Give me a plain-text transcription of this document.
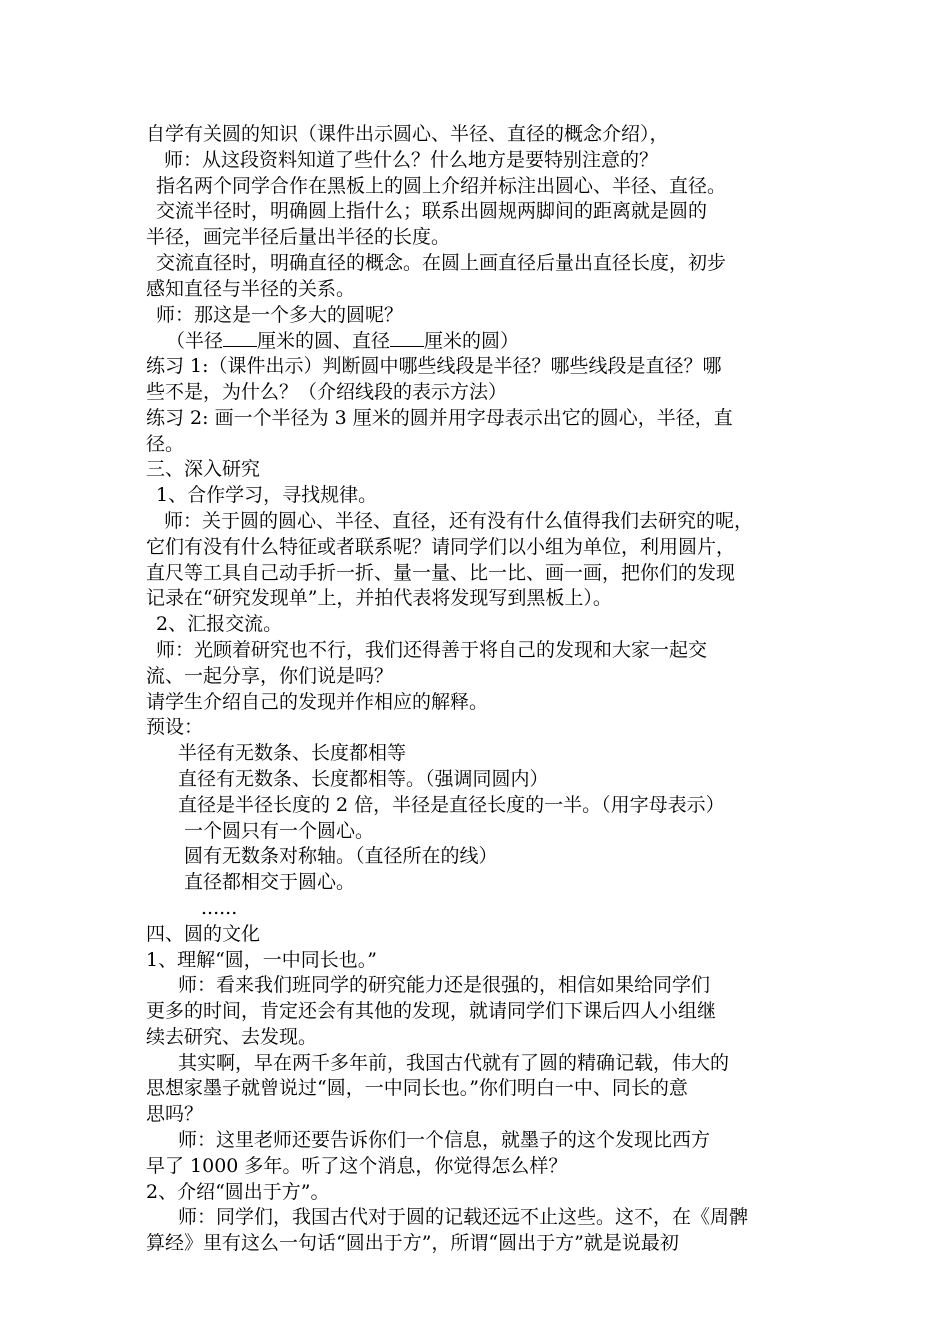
自学有关圆的知识（课件出示圆心、半径、直径的概念介绍），
师：从这段资料知道了些什么？什么地方是要特别注意的？
指名两个同学合作在黑板上的圆上介绍并标注出圆心、半径、直径。
交流半径时，明确圆上指什么；联系出圆规两脚间的距离就是圆的
半径，画完半径后量出半径的长度。
交流直径时，明确直径的概念。在圆上画直径后量出直径长度，初步
感知直径与半径的关系。
师：那这是一个多大的圆呢？
（半径 厘米的圆、直径 厘米的圆）
练习 1:（课件出示）判断圆中哪些线段是半径？哪些线段是直径？哪
些不是，为什么？（介绍线段的表示方法）
练习 2: 画一个半径为 3 厘米的圆并用字母表示出它的圆心，半径，直
径。
三、深入研究
1、合作学习，寻找规律。
师：关于圆的圆心、半径、直径，还有没有什么值得我们去研究的呢，
它们有没有什么特征或者联系呢？请同学们以小组为单位，利用圆片，
直尺等工具自己动手折一折、量一量、比一比、画一画，把你们的发现
记录在“研究发现单”上，并拍代表将发现写到黑板上）。
2、汇报交流。
师：光顾着研究也不行，我们还得善于将自己的发现和大家一起交
流、一起分享，你们说是吗？
请学生介绍自己的发现并作相应的解释。
预设：
半径有无数条、长度都相等
直径有无数条、长度都相等。（强调同圆内）
直径是半径长度的 2 倍，半径是直径长度的一半。（用字母表示）
一个圆只有一个圆心。
圆有无数条对称轴。（直径所在的线）
直径都相交于圆心。
......
四、圆的文化
1、理解“圆，一中同长也。”
师：看来我们班同学的研究能力还是很强的，相信如果给同学们
更多的时间，肯定还会有其他的发现，就请同学们下课后四人小组继
续去研究、去发现。
其实啊，早在两千多年前，我国古代就有了圆的精确记载，伟大的
思想家墨子就曾说过“圆，一中同长也。”你们明白一中、同长的意
思吗？
师：这里老师还要告诉你们一个信息，就墨子的这个发现比西方
早了 1000 多年。听了这个消息，你觉得怎么样？
2、介绍“圆出于方”。
师：同学们，我国古代对于圆的记载还远不止这些。这不，在《周髀
算经》里有这么一句话“圆出于方”，所谓“圆出于方”就是说最初
